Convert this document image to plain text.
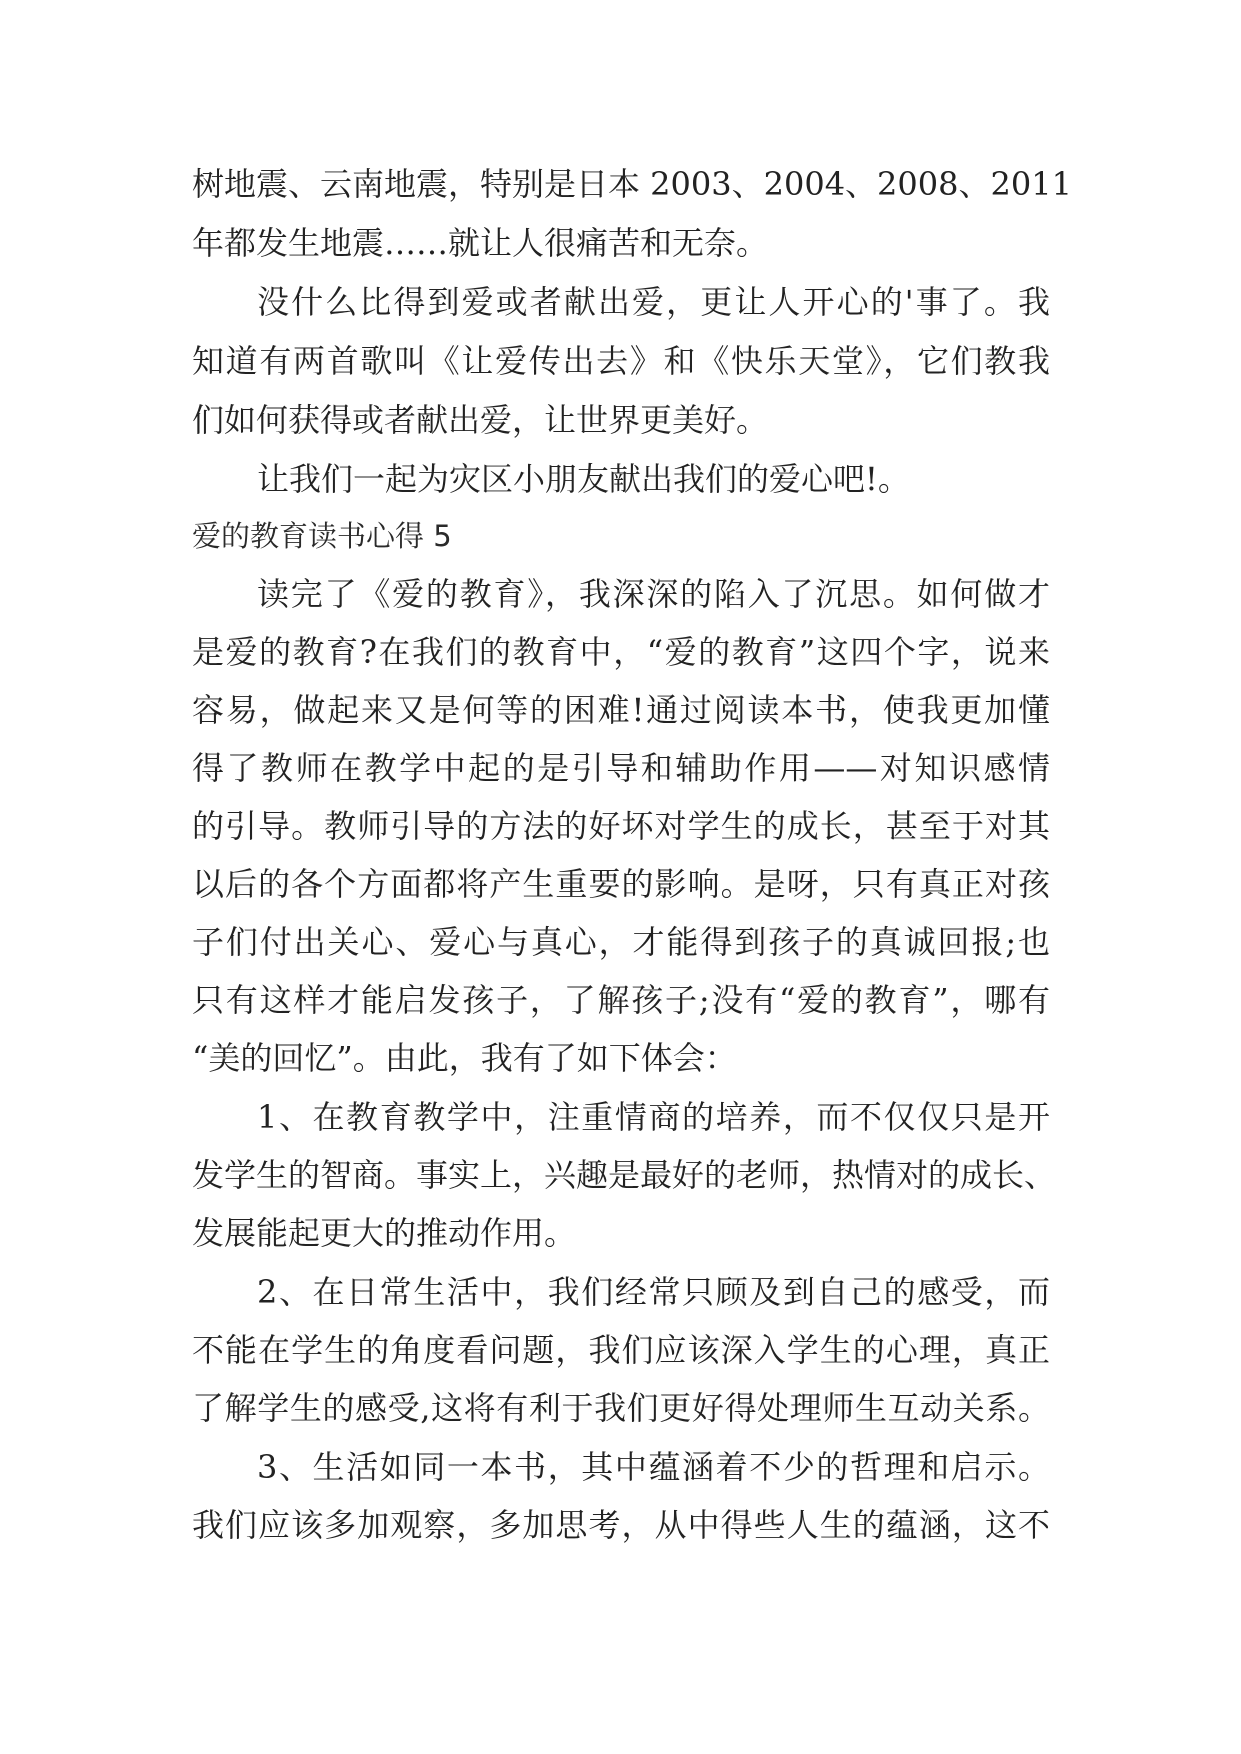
树地震、云南地震，特别是日本 2003、2004、2008、2011

年都发生地震……就让人很痛苦和无奈。

没什么比得到爱或者献出爱，更让人开心的'事了。我

知道有两首歌叫《让爱传出去》和《快乐天堂》，它们教我

们如何获得或者献出爱，让世界更美好。

让我们一起为灾区小朋友献出我们的爱心吧!。

爱的教育读书心得 5

读完了《爱的教育》，我深深的陷入了沉思。如何做才

是爱的教育?在我们的教育中，“爱的教育”这四个字，说来

容易，做起来又是何等的困难!通过阅读本书，使我更加懂

得了教师在教学中起的是引导和辅助作用——对知识感情

的引导。教师引导的方法的好坏对学生的成长，甚至于对其

以后的各个方面都将产生重要的影响。是呀，只有真正对孩

子们付出关心、爱心与真心，才能得到孩子的真诚回报;也

只有这样才能启发孩子，了解孩子;没有“爱的教育”，哪有

“美的回忆”。由此，我有了如下体会：

1、在教育教学中，注重情商的培养，而不仅仅只是开

发学生的智商。事实上，兴趣是最好的老师，热情对的成长、

发展能起更大的推动作用。

2、在日常生活中，我们经常只顾及到自己的感受，而

不能在学生的角度看问题，我们应该深入学生的心理，真正

了解学生的感受,这将有利于我们更好得处理师生互动关系。

3、生活如同一本书，其中蕴涵着不少的哲理和启示。

我们应该多加观察，多加思考，从中得些人生的蕴涵，这不
